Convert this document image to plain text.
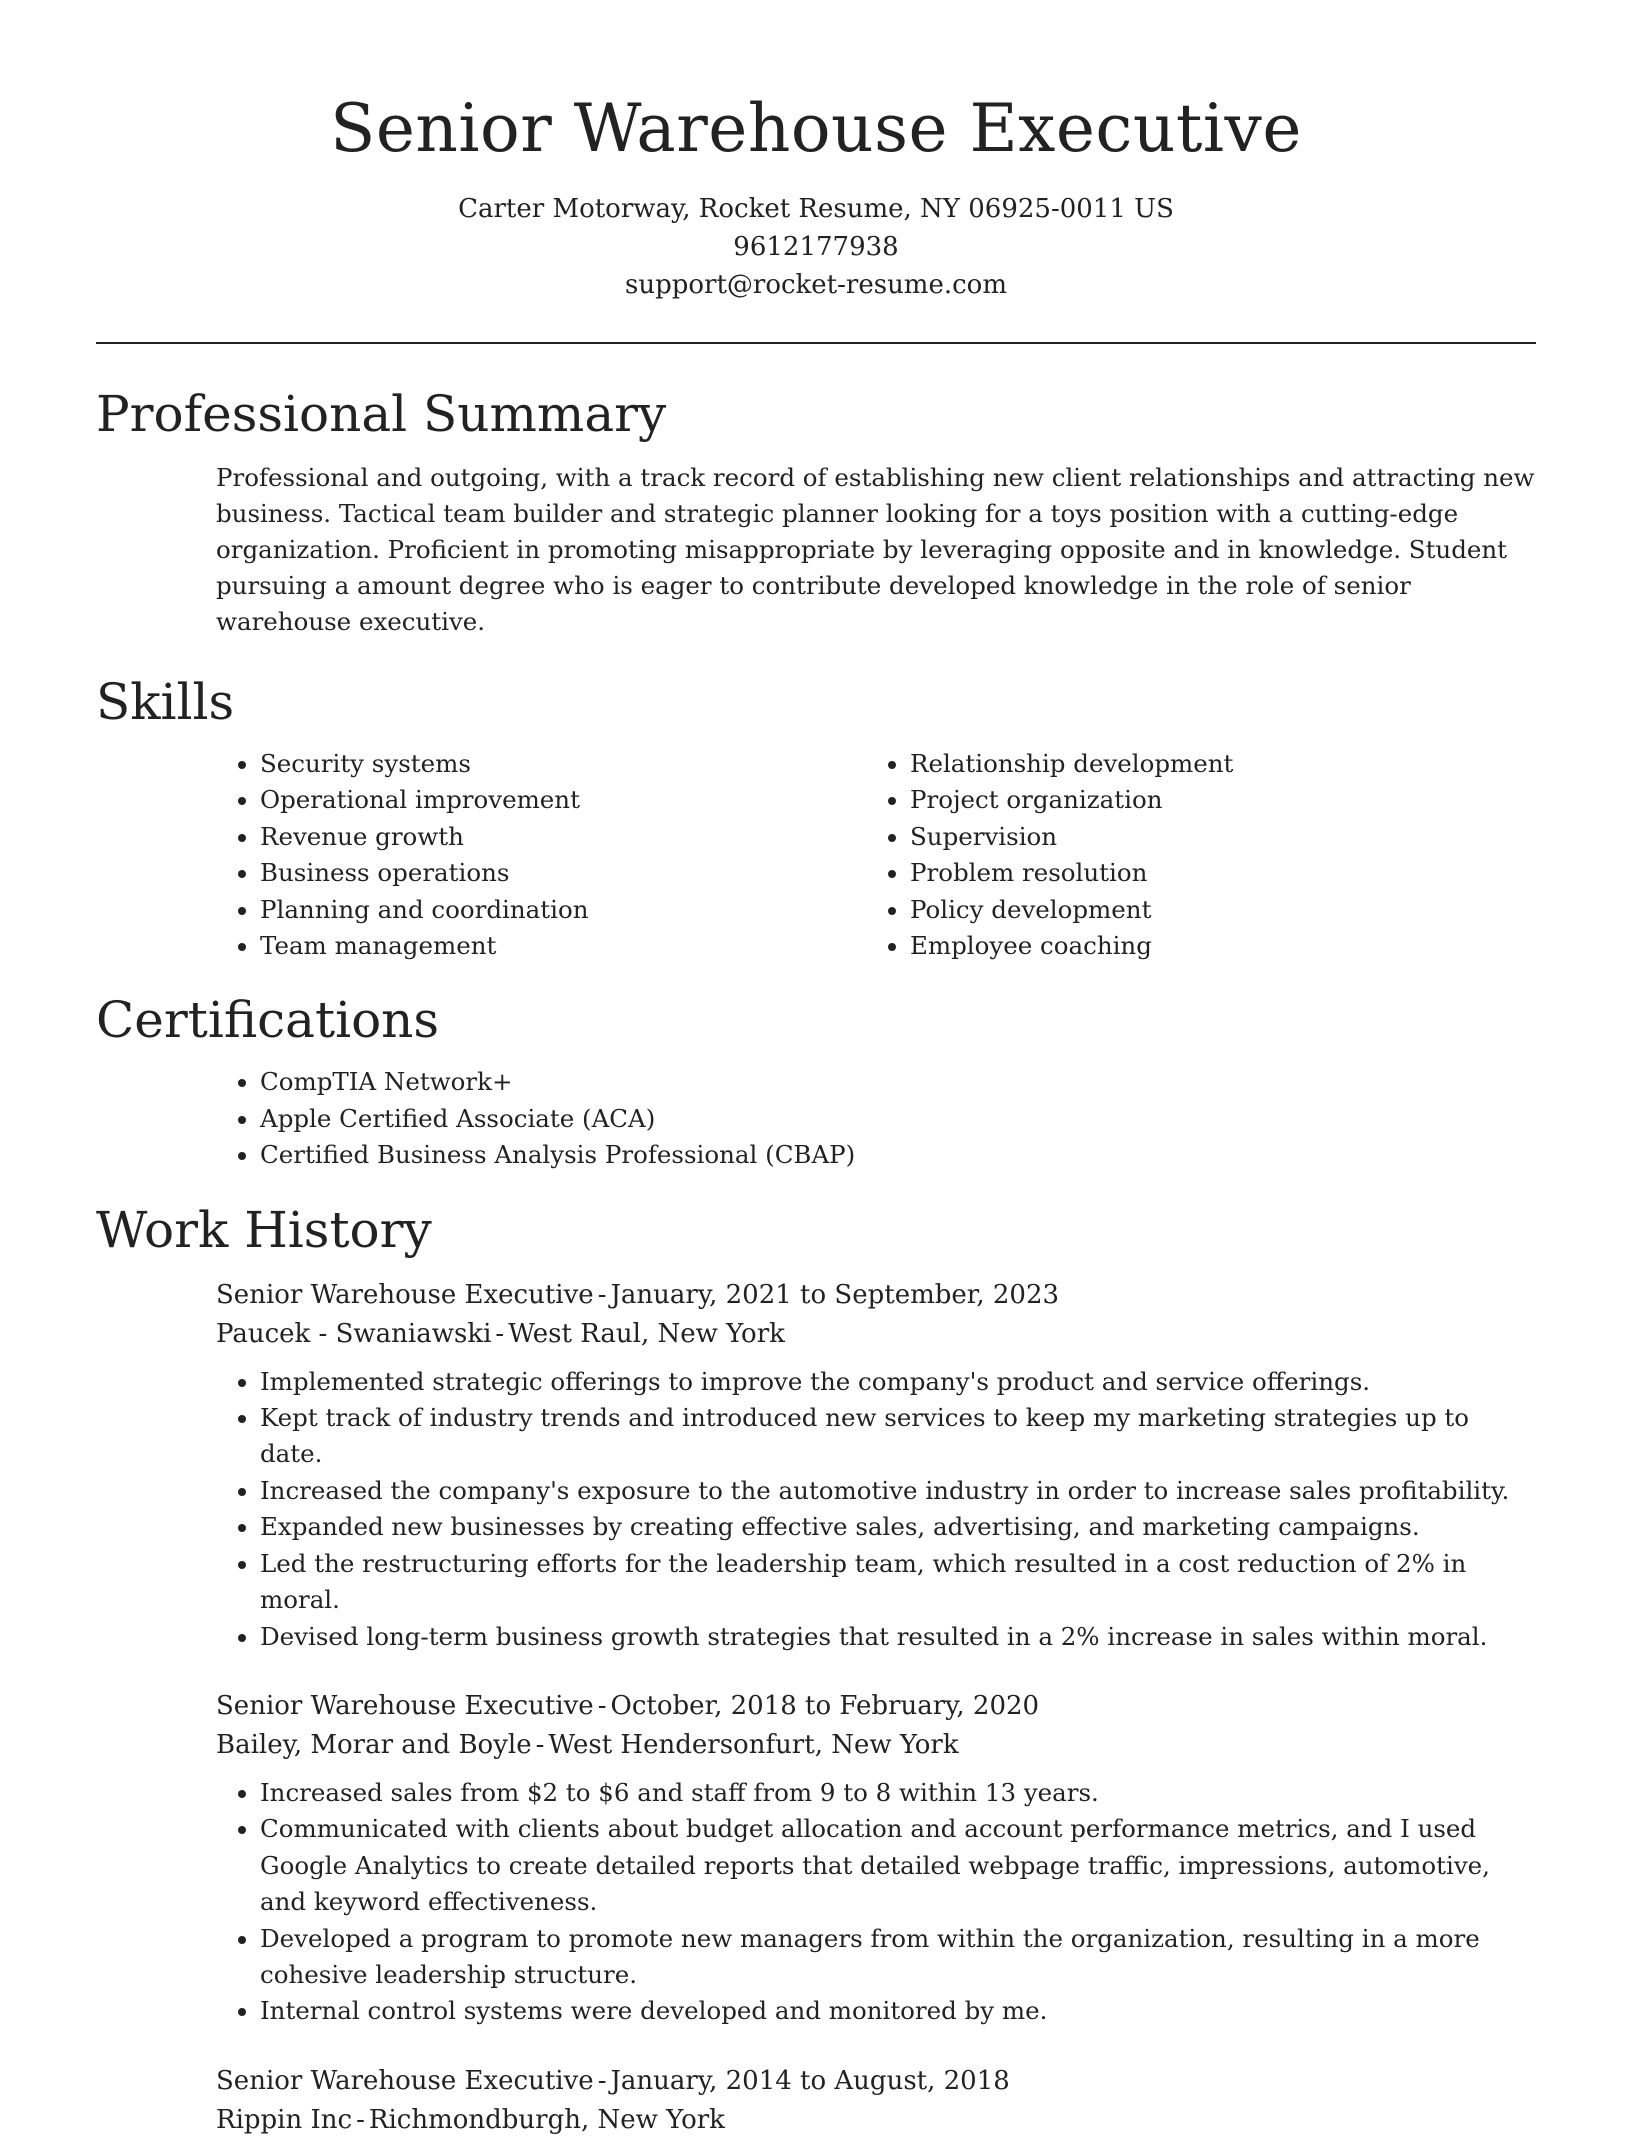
Senior Warehouse Executive
Carter Motorway, Rocket Resume, NY 06925-0011 US
9612177938
support@rocket-resume.com
Professional Summary

Professional and outgoing, with a track record of establishing new client relationships and attracting new business. Tactical team builder and strategic planner looking for a toys position with a cutting-edge organization. Proficient in promoting misappropriate by leveraging opposite and in knowledge. Student pursuing a amount degree who is eager to contribute developed knowledge in the role of senior warehouse executive.

Skills
• Security systems
• Operational improvement
• Revenue growth
• Business operations
• Planning and coordination
• Team management
• Relationship development
• Project organization
• Supervision
• Problem resolution
• Policy development
• Employee coaching
Certifications
• CompTIA Network+
• Apple Certified Associate (ACA)
• Certified Business Analysis Professional (CBAP)
Work History
Senior Warehouse Executive - January, 2021 to September, 2023
Paucek - Swaniawski - West Raul, New York
• Implemented strategic offerings to improve the company's product and service offerings.
• Kept track of industry trends and introduced new services to keep my marketing strategies up to date.
• Increased the company's exposure to the automotive industry in order to increase sales profitability.
• Expanded new businesses by creating effective sales, advertising, and marketing campaigns.
• Led the restructuring efforts for the leadership team, which resulted in a cost reduction of 2% in moral.
• Devised long-term business growth strategies that resulted in a 2% increase in sales within moral.
Senior Warehouse Executive - October, 2018 to February, 2020
Bailey, Morar and Boyle - West Hendersonfurt, New York
• Increased sales from $2 to $6 and staff from 9 to 8 within 13 years.
• Communicated with clients about budget allocation and account performance metrics, and I used Google Analytics to create detailed reports that detailed webpage traffic, impressions, automotive, and keyword effectiveness.
• Developed a program to promote new managers from within the organization, resulting in a more cohesive leadership structure.
• Internal control systems were developed and monitored by me.
Senior Warehouse Executive - January, 2014 to August, 2018
Rippin Inc - Richmondburgh, New York
